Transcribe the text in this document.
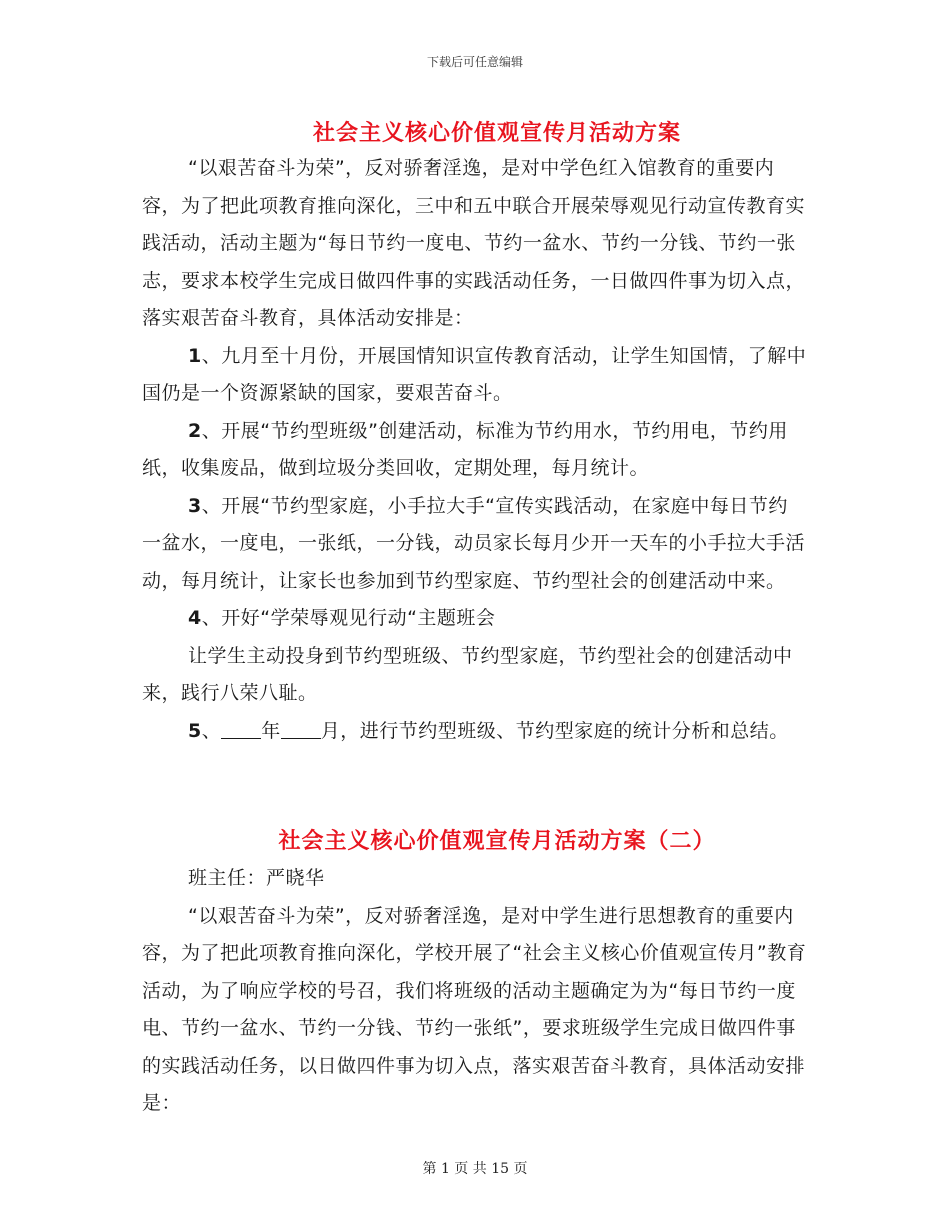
下载后可任意编辑
社会主义核心价值观宣传月活动方案

“以艰苦奋斗为荣”，反对骄奢淫逸，是对中学色红入馆教育的重要内容，为了把此项教育推向深化，三中和五中联合开展荣辱观见行动宣传教育实践活动，活动主题为“每日节约一度电、节约一盆水、节约一分钱、节约一张志，要求本校学生完成日做四件事的实践活动任务，一日做四件事为切入点，落实艰苦奋斗教育，具体活动安排是：

1、九月至十月份，开展国情知识宣传教育活动，让学生知国情，了解中国仍是一个资源紧缺的国家，要艰苦奋斗。

2、开展“节约型班级”创建活动，标准为节约用水，节约用电，节约用纸，收集废品，做到垃圾分类回收，定期处理，每月统计。

3、开展“节约型家庭，小手拉大手“宣传实践活动，在家庭中每日节约一盆水，一度电，一张纸，一分钱，动员家长每月少开一天车的小手拉大手活动，每月统计，让家长也参加到节约型家庭、节约型社会的创建活动中来。

4、开好“学荣辱观见行动“主题班会

让学生主动投身到节约型班级、节约型家庭，节约型社会的创建活动中来，践行八荣八耻。

5、 年 月，进行节约型班级、节约型家庭的统计分析和总结。

社会主义核心价值观宣传月活动方案（二）

班主任：严晓华

“以艰苦奋斗为荣”，反对骄奢淫逸，是对中学生进行思想教育的重要内容，为了把此项教育推向深化，学校开展了“社会主义核心价值观宣传月”教育活动，为了响应学校的号召，我们将班级的活动主题确定为为“每日节约一度电、节约一盆水、节约一分钱、节约一张纸”，要求班级学生完成日做四件事的实践活动任务，以日做四件事为切入点，落实艰苦奋斗教育，具体活动安排是：

第 1 页 共 15 页
